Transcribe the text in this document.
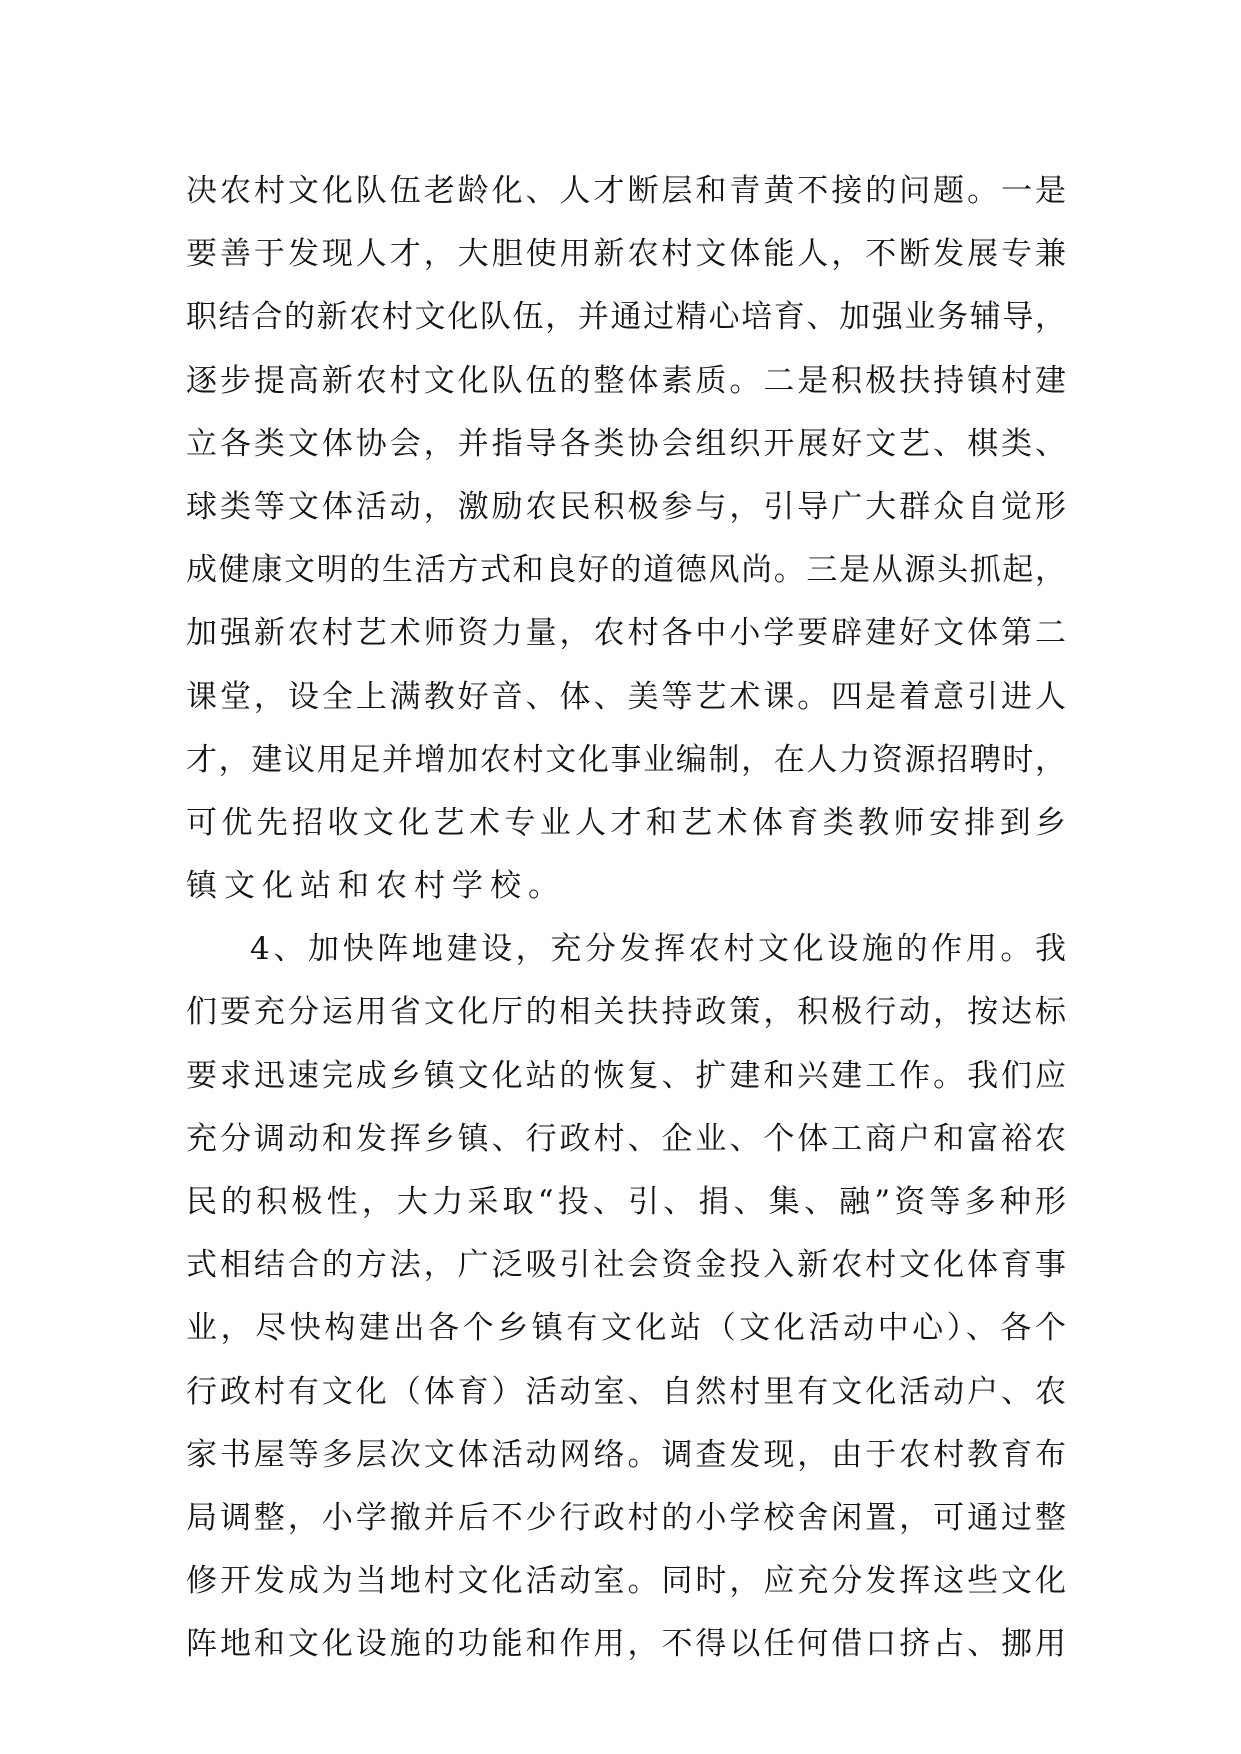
决农村文化队伍老龄化、人才断层和青黄不接的问题。一是
要善于发现人才，大胆使用新农村文体能人，不断发展专兼
职结合的新农村文化队伍，并通过精心培育、加强业务辅导，
逐步提高新农村文化队伍的整体素质。二是积极扶持镇村建
立各类文体协会，并指导各类协会组织开展好文艺、棋类、
球类等文体活动，激励农民积极参与，引导广大群众自觉形
成健康文明的生活方式和良好的道德风尚。三是从源头抓起，
加强新农村艺术师资力量，农村各中小学要辟建好文体第二
课堂，设全上满教好音、体、美等艺术课。四是着意引进人
才，建议用足并增加农村文化事业编制，在人力资源招聘时，
可优先招收文化艺术专业人才和艺术体育类教师安排到乡
镇文化站和农村学校。
4、加快阵地建设，充分发挥农村文化设施的作用。我
们要充分运用省文化厅的相关扶持政策，积极行动，按达标
要求迅速完成乡镇文化站的恢复、扩建和兴建工作。我们应
充分调动和发挥乡镇、行政村、企业、个体工商户和富裕农
民的积极性，大力采取“投、引、捐、集、融”资等多种形
式相结合的方法，广泛吸引社会资金投入新农村文化体育事
业，尽快构建出各个乡镇有文化站（文化活动中心）、各个
行政村有文化（体育）活动室、自然村里有文化活动户、农
家书屋等多层次文体活动网络。调查发现，由于农村教育布
局调整，小学撤并后不少行政村的小学校舍闲置，可通过整
修开发成为当地村文化活动室。同时，应充分发挥这些文化
阵地和文化设施的功能和作用，不得以任何借口挤占、挪用
